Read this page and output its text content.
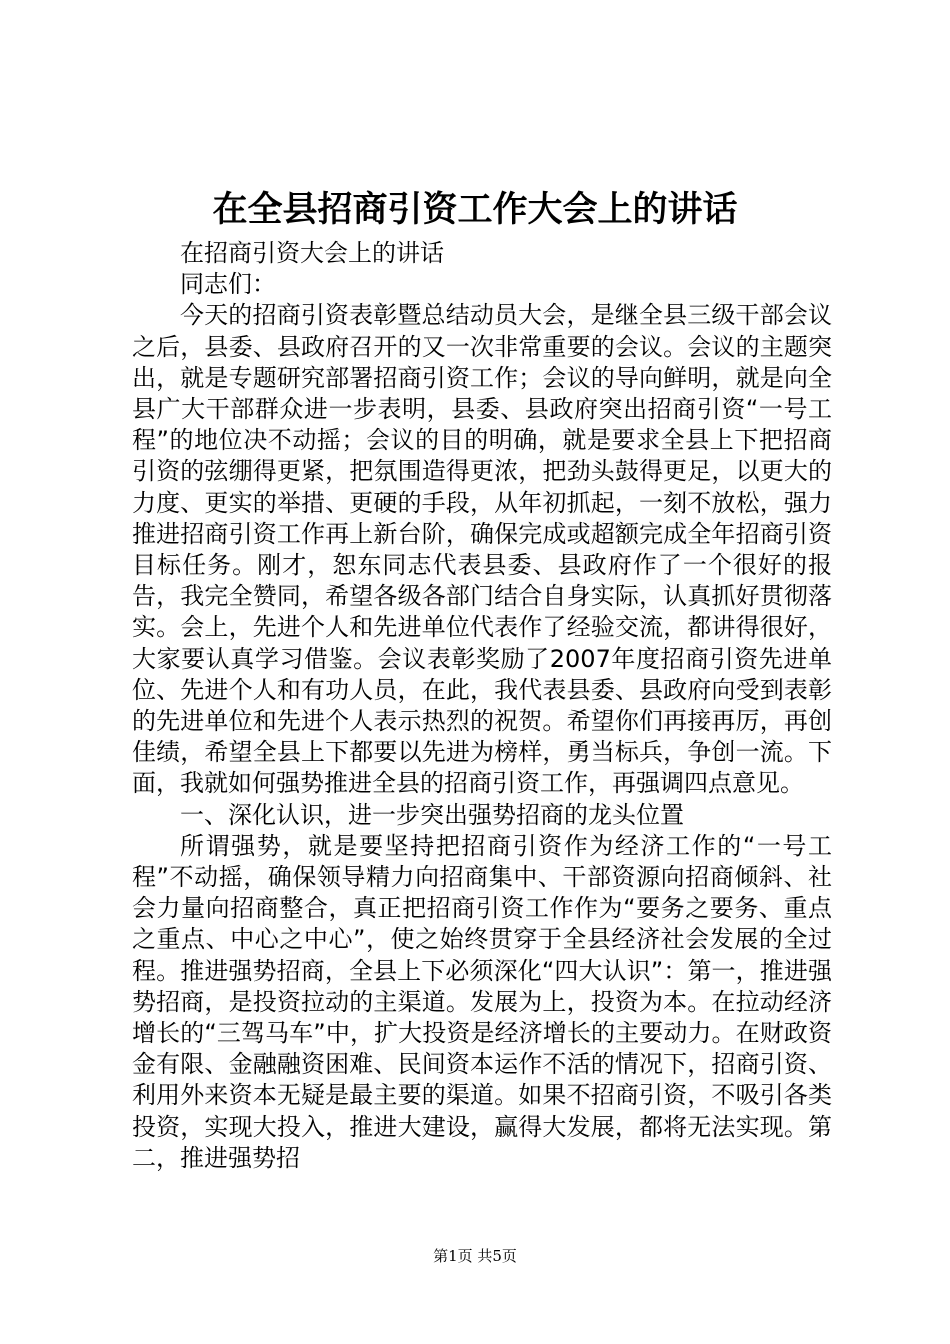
在全县招商引资工作大会上的讲话

在招商引资大会上的讲话

同志们：

今天的招商引资表彰暨总结动员大会，是继全县三级干部会议之后，县委、县政府召开的又一次非常重要的会议。会议的主题突出，就是专题研究部署招商引资工作；会议的导向鲜明，就是向全县广大干部群众进一步表明，县委、县政府突出招商引资“一号工程”的地位决不动摇；会议的目的明确，就是要求全县上下把招商引资的弦绷得更紧，把氛围造得更浓，把劲头鼓得更足，以更大的力度、更实的举措、更硬的手段，从年初抓起，一刻不放松，强力推进招商引资工作再上新台阶，确保完成或超额完成全年招商引资目标任务。刚才，恕东同志代表县委、县政府作了一个很好的报告，我完全赞同，希望各级各部门结合自身实际，认真抓好贯彻落实。会上，先进个人和先进单位代表作了经验交流，都讲得很好，大家要认真学习借鉴。会议表彰奖励了2007年度招商引资先进单位、先进个人和有功人员，在此，我代表县委、县政府向受到表彰的先进单位和先进个人表示热烈的祝贺。希望你们再接再厉，再创佳绩，希望全县上下都要以先进为榜样，勇当标兵，争创一流。下面，我就如何强势推进全县的招商引资工作，再强调四点意见。

一、深化认识，进一步突出强势招商的龙头位置

所谓强势，就是要坚持把招商引资作为经济工作的“一号工程”不动摇，确保领导精力向招商集中、干部资源向招商倾斜、社会力量向招商整合，真正把招商引资工作作为“要务之要务、重点之重点、中心之中心”，使之始终贯穿于全县经济社会发展的全过程。推进强势招商，全县上下必须深化“四大认识”：第一，推进强势招商，是投资拉动的主渠道。发展为上，投资为本。在拉动经济增长的“三驾马车”中，扩大投资是经济增长的主要动力。在财政资金有限、金融融资困难、民间资本运作不活的情况下，招商引资、利用外来资本无疑是最主要的渠道。如果不招商引资，不吸引各类投资，实现大投入，推进大建设，赢得大发展，都将无法实现。第二，推进强势招

第1页 共5页
